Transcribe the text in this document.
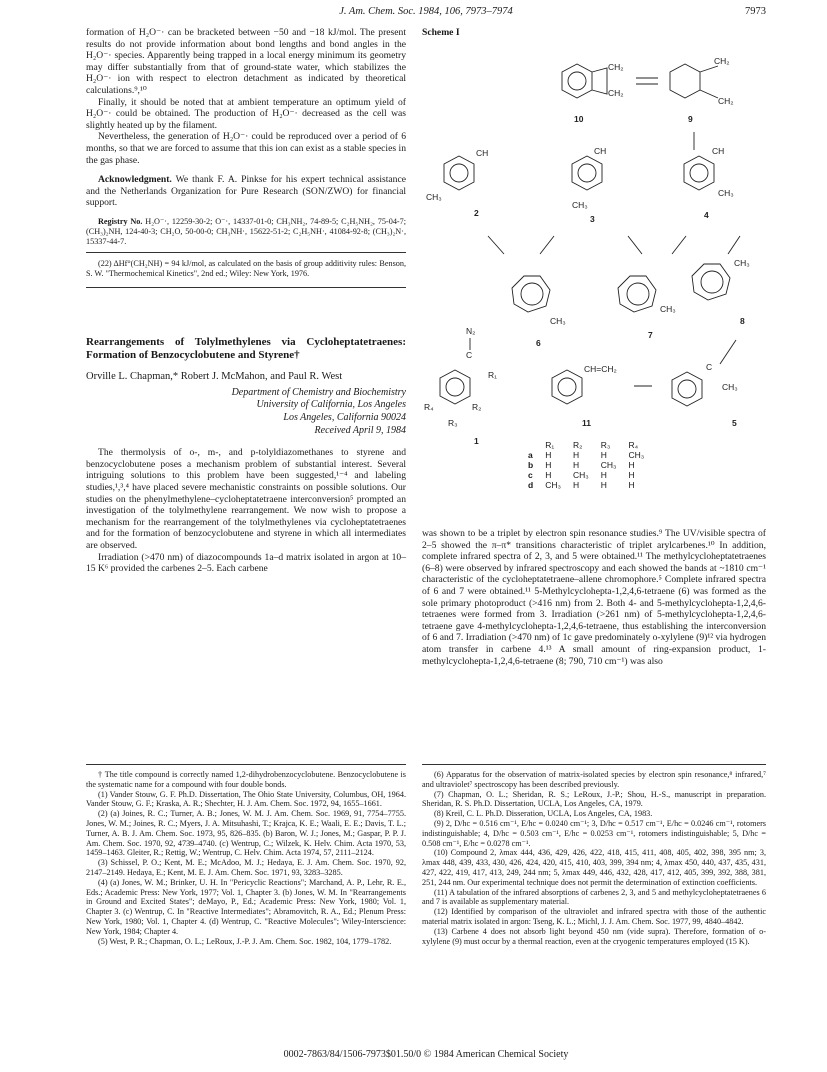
J. Am. Chem. Soc. 1984, 106, 7973–7974	7973

formation of H₂O⁻· can be bracketed between −50 and −18 kJ/mol. The present results do not provide information about bond lengths and bond angles in the H₂O⁻· species. Apparently being trapped in a local energy minimum its geometry may differ substantially from that of ground-state water, which stabilizes the H₂O⁻· ion with respect to electron detachment as indicated by theoretical calculations.⁹,¹⁰

Finally, it should be noted that at ambient temperature an optimum yield of H₂O⁻· could be obtained. The production of H₂O⁻· decreased as the cell was slightly heated up by the filament.

Nevertheless, the generation of H₂O⁻· could be reproduced over a period of 6 months, so that we are forced to assume that this ion can exist as a stable species in the gas phase.

Acknowledgment. We thank F. A. Pinkse for his expert technical assistance and the Netherlands Organization for Pure Research (SON/ZWO) for financial support.

Registry No. H₂O⁻·, 12259-30-2; O⁻·, 14337-01-0; CH₃NH₂, 74-89-5; C₂H₅NH₂, 75-04-7; (CH₃)₂NH, 124-40-3; CH₂O, 50-00-0; CH₃NH·, 15622-51-2; C₂H₅NH·, 41084-92-8; (CH₃)₂N·, 15337-44-7.

(22) ΔHf°(CH₂NH) = 94 kJ/mol, as calculated on the basis of group additivity rules: Benson, S. W. "Thermochemical Kinetics", 2nd ed.; Wiley: New York, 1976.

Rearrangements of Tolylmethylenes via Cycloheptatetraenes: Formation of Benzocyclobutene and Styrene†

Orville L. Chapman,* Robert J. McMahon, and Paul R. West

Department of Chemistry and Biochemistry

University of California, Los Angeles

Los Angeles, California 90024

Received April 9, 1984

The thermolysis of o-, m-, and p-tolyldiazomethanes to styrene and benzocyclobutene poses a mechanism problem of substantial interest. Several intriguing solutions to this problem have been suggested,¹⁻⁴ and labeling studies,¹,³,⁴ have placed severe mechanistic constraints on possible solutions. Our studies on the phenylmethylene–cycloheptatetraene interconversion⁵ prompted an investigation of the tolylmethylene rearrangement. We now wish to propose a mechanism for the rearrangement of the tolylmethylenes via cycloheptatetraenes and for the formation of benzocyclobutene and styrene in which all intermediates are observed.

Irradiation (>470 nm) of diazocompounds 1a–d matrix isolated in argon at 10–15 K⁶ provided the carbenes 2–5. Each carbene

Scheme I
CH₂
CH₂
10
CH₂
CH₂
9
CH
CH₃
2
CH
CH₃
3
CH
CH₃
4
CH₃
6
CH₃
7
CH₃
8
N₂
C
R₁
R₄	R₂
R₃
1
CH=CH₂
11
C
CH₃
5
	R₁	R₂	R₃	R₄
a	H	H	H	CH₃
b	H	H	CH₃	H
c	H	CH₃	H	H
d	CH₃	H	H	H

was shown to be a triplet by electron spin resonance studies.⁹ The UV/visible spectra of 2–5 showed the π–π* transitions characteristic of triplet arylcarbenes.¹⁰ In addition, complete infrared spectra of 2, 3, and 5 were obtained.¹¹ The methylcycloheptatetraenes (6–8) were observed by infrared spectroscopy and each showed the bands at ~1810 cm⁻¹ characteristic of the cycloheptatetraene–allene chromophore.⁵ Complete infrared spectra of 6 and 7 were obtained.¹¹ 5-Methylcyclohepta-1,2,4,6-tetraene (6) was formed as the sole primary photoproduct (>416 nm) from 2. Both 4- and 5-methylcyclohepta-1,2,4,6-tetraenes were formed from 3. Irradiation (>261 nm) of 5-methylcyclohepta-1,2,4,6-tetraene gave 4-methylcyclohepta-1,2,4,6-tetraene, thus establishing the interconversion of 6 and 7. Irradiation (>470 nm) of 1c gave predominately o-xylylene (9)¹² via hydrogen atom transfer in carbene 4.¹³ A small amount of ring-expansion product, 1-methylcyclohepta-1,2,4,6-tetraene (8; 790, 710 cm⁻¹) was also

† The title compound is correctly named 1,2-dihydrobenzocyclobutene. Benzocyclobutene is the systematic name for a compound with four double bonds.

(1) Vander Stouw, G. F. Ph.D. Dissertation, The Ohio State University, Columbus, OH, 1964. Vander Stouw, G. F.; Kraska, A. R.; Shechter, H. J. Am. Chem. Soc. 1972, 94, 1655–1661.

(2) (a) Joines, R. C.; Turner, A. B.; Jones, W. M. J. Am. Chem. Soc. 1969, 91, 7754–7755. Jones, W. M.; Joines, R. C.; Myers, J. A. Mitsuhashi, T.; Krajca, K. E.; Waali, E. E.; Davis, T. L.; Turner, A. B. J. Am. Chem. Soc. 1973, 95, 826–835. (b) Baron, W. J.; Jones, M.; Gaspar, P. P. J. Am. Chem. Soc. 1970, 92, 4739–4740. (c) Wentrup, C.; Wilzek, K. Helv. Chim. Acta 1970, 53, 1459–1463. Gleiter, R.; Rettig, W.; Wentrup, C. Helv. Chim. Acta 1974, 57, 2111–2124.

(3) Schissel, P. O.; Kent, M. E.; McAdoo, M. J.; Hedaya, E. J. Am. Chem. Soc. 1970, 92, 2147–2149. Hedaya, E.; Kent, M. E. J. Am. Chem. Soc. 1971, 93, 3283–3285.

(4) (a) Jones, W. M.; Brinker, U. H. In "Pericyclic Reactions"; Marchand, A. P., Lehr, R. E., Eds.; Academic Press: New York, 1977; Vol. 1, Chapter 3. (b) Jones, W. M. In "Rearrangements in Ground and Excited States"; deMayo, P., Ed.; Academic Press: New York, 1980; Vol. 1, Chapter 3. (c) Wentrup, C. In "Reactive Intermediates"; Abramovitch, R. A., Ed.; Plenum Press: New York, 1980; Vol. 1, Chapter 4. (d) Wentrup, C. "Reactive Molecules"; Wiley-Interscience: New York, 1984; Chapter 4.

(5) West, P. R.; Chapman, O. L.; LeRoux, J.-P. J. Am. Chem. Soc. 1982, 104, 1779–1782.

(6) Apparatus for the observation of matrix-isolated species by electron spin resonance,⁸ infrared,⁷ and ultraviolet⁷ spectroscopy has been described previously.

(7) Chapman, O. L.; Sheridan, R. S.; LeRoux, J.-P.; Shou, H.-S., manuscript in preparation. Sheridan, R. S. Ph.D. Dissertation, UCLA, Los Angeles, CA, 1979.

(8) Kreil, C. L. Ph.D. Disseration, UCLA, Los Angeles, CA, 1983.

(9) 2, D/hc = 0.516 cm⁻¹, E/hc = 0.0240 cm⁻¹; 3, D/hc = 0.517 cm⁻¹, E/hc = 0.0246 cm⁻¹, rotomers indistinguishable; 4, D/hc = 0.503 cm⁻¹, E/hc = 0.0253 cm⁻¹, rotomers indistinguishable; 5, D/hc = 0.508 cm⁻¹, E/hc = 0.0278 cm⁻¹.

(10) Compound 2, λmax 444, 436, 429, 426, 422, 418, 415, 411, 408, 405, 402, 398, 395 nm; 3, λmax 448, 439, 433, 430, 426, 424, 420, 415, 410, 403, 399, 394 nm; 4, λmax 450, 440, 437, 435, 431, 427, 422, 419, 417, 413, 249, 244 nm; 5, λmax 449, 446, 432, 428, 417, 412, 405, 399, 392, 388, 381, 251, 244 nm. Our experimental technique does not permit the determination of extinction coefficients.

(11) A tabulation of the infrared absorptions of carbenes 2, 3, and 5 and methylcycloheptatetraenes 6 and 7 is available as supplementary material.

(12) Identified by comparison of the ultraviolet and infrared spectra with those of the authentic material matrix isolated in argon: Tseng, K. L.; Michl, J. J. Am. Chem. Soc. 1977, 99, 4840–4842.

(13) Carbene 4 does not absorb light beyond 450 nm (vide supra). Therefore, formation of o-xylylene (9) must occur by a thermal reaction, even at the cryogenic temperatures employed (15 K).

0002-7863/84/1506-7973$01.50/0 © 1984 American Chemical Society
